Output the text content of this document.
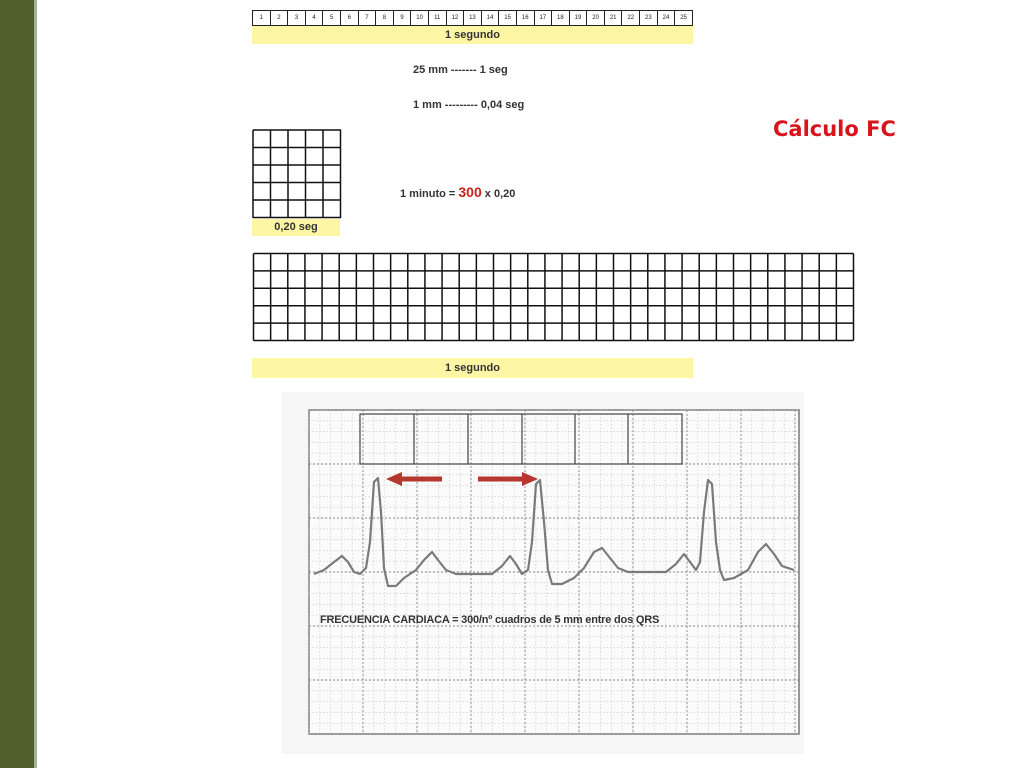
Cálculo FC
1	2	3	4	5	6	7	8	9	10	11	12	13	14	15	16	17	18	19	20	21	22	23	24	25
1 segundo
25 mm ------- 1 seg
1 mm --------- 0,04 seg
0,20 seg
1 minuto = 300 x 0,20
1 segundo
FRECUENCIA CARDIACA = 300/nº cuadros de 5 mm entre dos QRS
